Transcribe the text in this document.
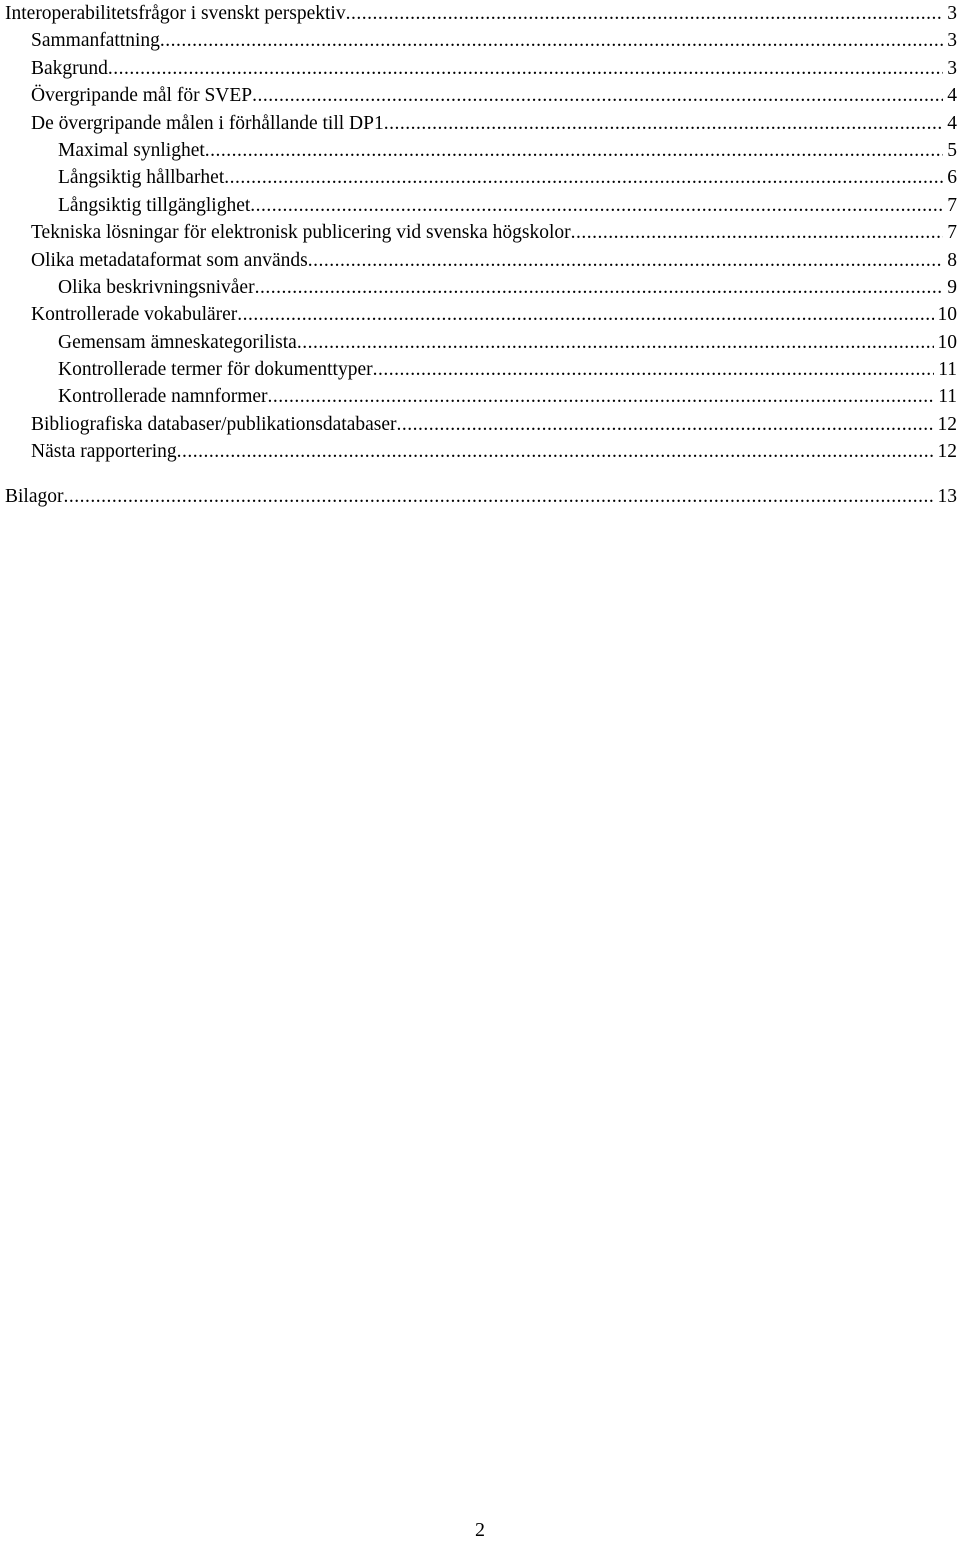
Interoperabilitetsfrågor i svenskt perspektiv .....	3
Sammanfattning .....	3
Bakgrund .....	3
Övergripande mål för SVEP .....	4
De övergripande målen i förhållande till DP1 .....	4
Maximal synlighet .....	5
Långsiktig hållbarhet .....	6
Långsiktig tillgänglighet .....	7
Tekniska lösningar för elektronisk publicering vid svenska högskolor .....	7
Olika metadataformat som används .....	8
Olika beskrivningsnivåer .....	9
Kontrollerade vokabulärer .....	10
Gemensam ämneskategorilista .....	10
Kontrollerade termer för dokumenttyper .....	11
Kontrollerade namnformer .....	11
Bibliografiska databaser/publikationsdatabaser .....	12
Nästa rapportering .....	12
Bilagor .....	13
2
